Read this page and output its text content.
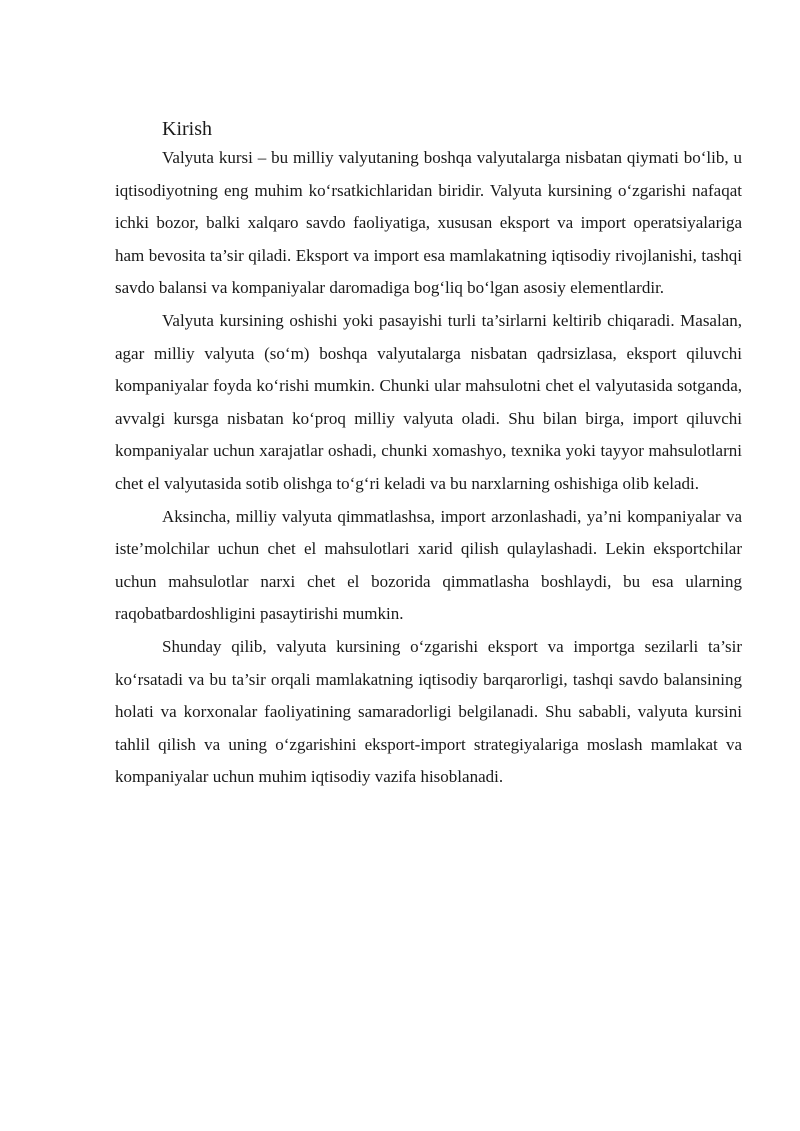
Kirish

Valyuta kursi – bu milliy valyutaning boshqa valyutalarga nisbatan qiymati bo‘lib, u iqtisodiyotning eng muhim ko‘rsatkichlaridan biridir. Valyuta kursining o‘zgarishi nafaqat ichki bozor, balki xalqaro savdo faoliyatiga, xususan eksport va import operatsiyalariga ham bevosita ta’sir qiladi. Eksport va import esa mamlakatning iqtisodiy rivojlanishi, tashqi savdo balansi va kompaniyalar daromadiga bog‘liq bo‘lgan asosiy elementlardir.

Valyuta kursining oshishi yoki pasayishi turli ta’sirlarni keltirib chiqaradi. Masalan, agar milliy valyuta (so‘m) boshqa valyutalarga nisbatan qadrsizlasa, eksport qiluvchi kompaniyalar foyda ko‘rishi mumkin. Chunki ular mahsulotni chet el valyutasida sotganda, avvalgi kursga nisbatan ko‘proq milliy valyuta oladi. Shu bilan birga, import qiluvchi kompaniyalar uchun xarajatlar oshadi, chunki xomashyo, texnika yoki tayyor mahsulotlarni chet el valyutasida sotib olishga to‘g‘ri keladi va bu narxlarning oshishiga olib keladi.

Aksincha, milliy valyuta qimmatlashsa, import arzonlashadi, ya’ni kompaniyalar va iste’molchilar uchun chet el mahsulotlari xarid qilish qulaylashadi. Lekin eksportchilar uchun mahsulotlar narxi chet el bozorida qimmatlasha boshlaydi, bu esa ularning raqobatbardoshligini pasaytirishi mumkin.

Shunday qilib, valyuta kursining o‘zgarishi eksport va importga sezilarli ta’sir ko‘rsatadi va bu ta’sir orqali mamlakatning iqtisodiy barqarorligi, tashqi savdo balansining holati va korxonalar faoliyatining samaradorligi belgilanadi. Shu sababli, valyuta kursini tahlil qilish va uning o‘zgarishini eksport-import strategiyalariga moslash mamlakat va kompaniyalar uchun muhim iqtisodiy vazifa hisoblanadi.
